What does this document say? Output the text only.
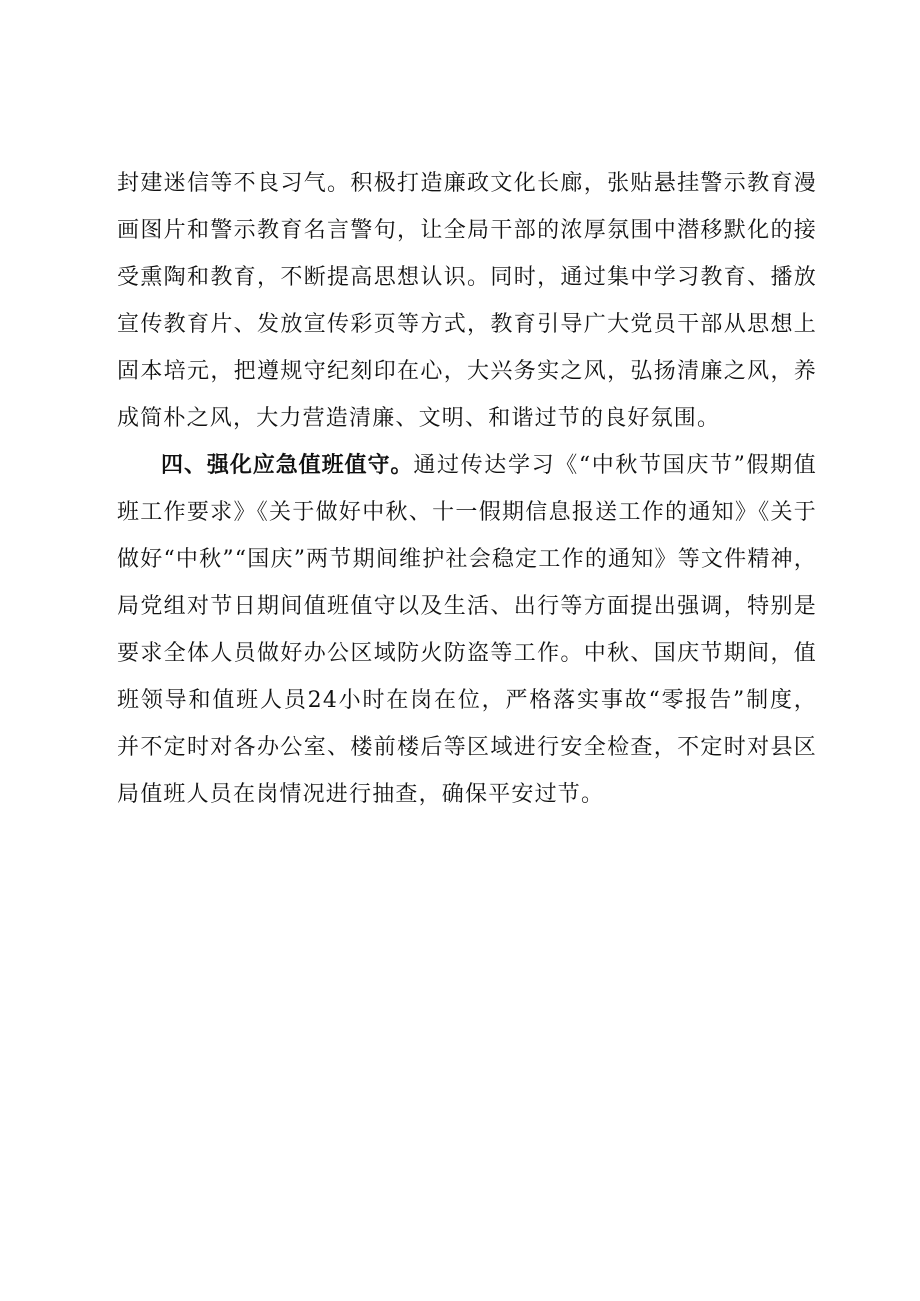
封建迷信等不良习气。积极打造廉政文化长廊，张贴悬挂警示教育漫画图片和警示教育名言警句，让全局干部的浓厚氛围中潜移默化的接受熏陶和教育，不断提高思想认识。同时，通过集中学习教育、播放宣传教育片、发放宣传彩页等方式，教育引导广大党员干部从思想上固本培元，把遵规守纪刻印在心，大兴务实之风，弘扬清廉之风，养成简朴之风，大力营造清廉、文明、和谐过节的良好氛围。

四、强化应急值班值守。通过传达学习《“中秋节国庆节”假期值班工作要求》《关于做好中秋、十一假期信息报送工作的通知》《关于做好“中秋”“国庆”两节期间维护社会稳定工作的通知》等文件精神，局党组对节日期间值班值守以及生活、出行等方面提出强调，特别是要求全体人员做好办公区域防火防盗等工作。中秋、国庆节期间，值班领导和值班人员24小时在岗在位，严格落实事故“零报告”制度，并不定时对各办公室、楼前楼后等区域进行安全检查，不定时对县区局值班人员在岗情况进行抽查，确保平安过节。
